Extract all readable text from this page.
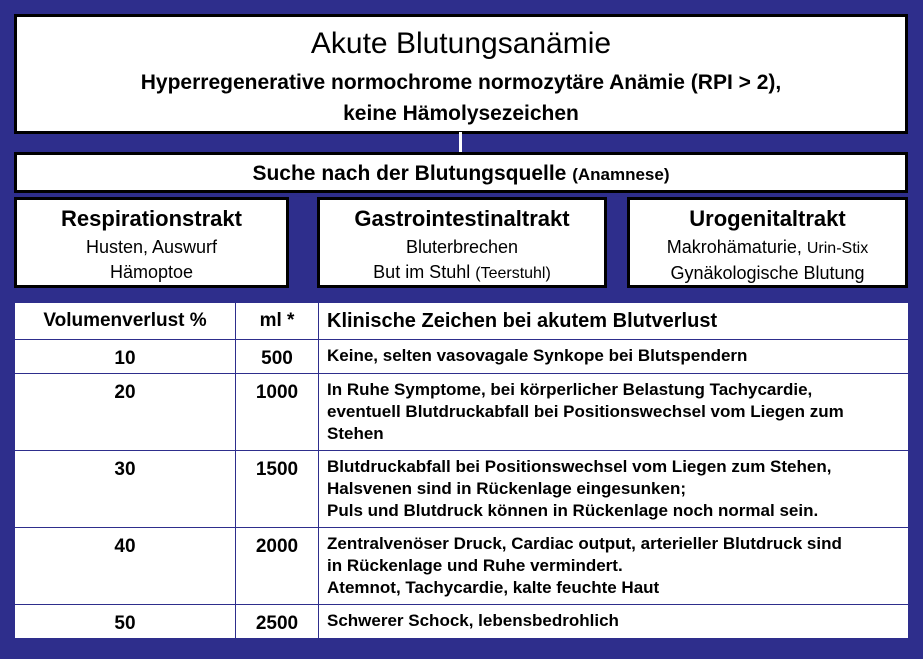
Akute Blutungsanämie
Hyperregenerative normochrome normozytäre Anämie (RPI > 2),
keine Hämolysezeichen
Suche nach der Blutungsquelle (Anamnese)
Respirationstrakt
Husten, Auswurf
Hämoptoe
Gastrointestinaltrakt
Bluterbrechen
But im Stuhl (Teerstuhl)
Urogenitaltrakt
Makrohämaturie, Urin-Stix
Gynäkologische Blutung
Volumenverlust %	ml *	Klinische Zeichen bei akutem Blutverlust
10	500	Keine, selten vasovagale Synkope bei Blutspendern

20	1000	In Ruhe Symptome, bei körperlicher Belastung Tachycardie,
eventuell Blutdruckabfall bei Positionswechsel vom Liegen zum
Stehen

30	1500	Blutdruckabfall bei Positionswechsel vom Liegen zum Stehen,
Halsvenen sind in Rückenlage eingesunken;
Puls und Blutdruck können in Rückenlage noch normal sein.

40	2000	Zentralvenöser Druck, Cardiac output, arterieller Blutdruck sind
in Rückenlage und Ruhe vermindert.
Atemnot, Tachycardie, kalte feuchte Haut

50	2500	Schwerer Schock, lebensbedrohlich
